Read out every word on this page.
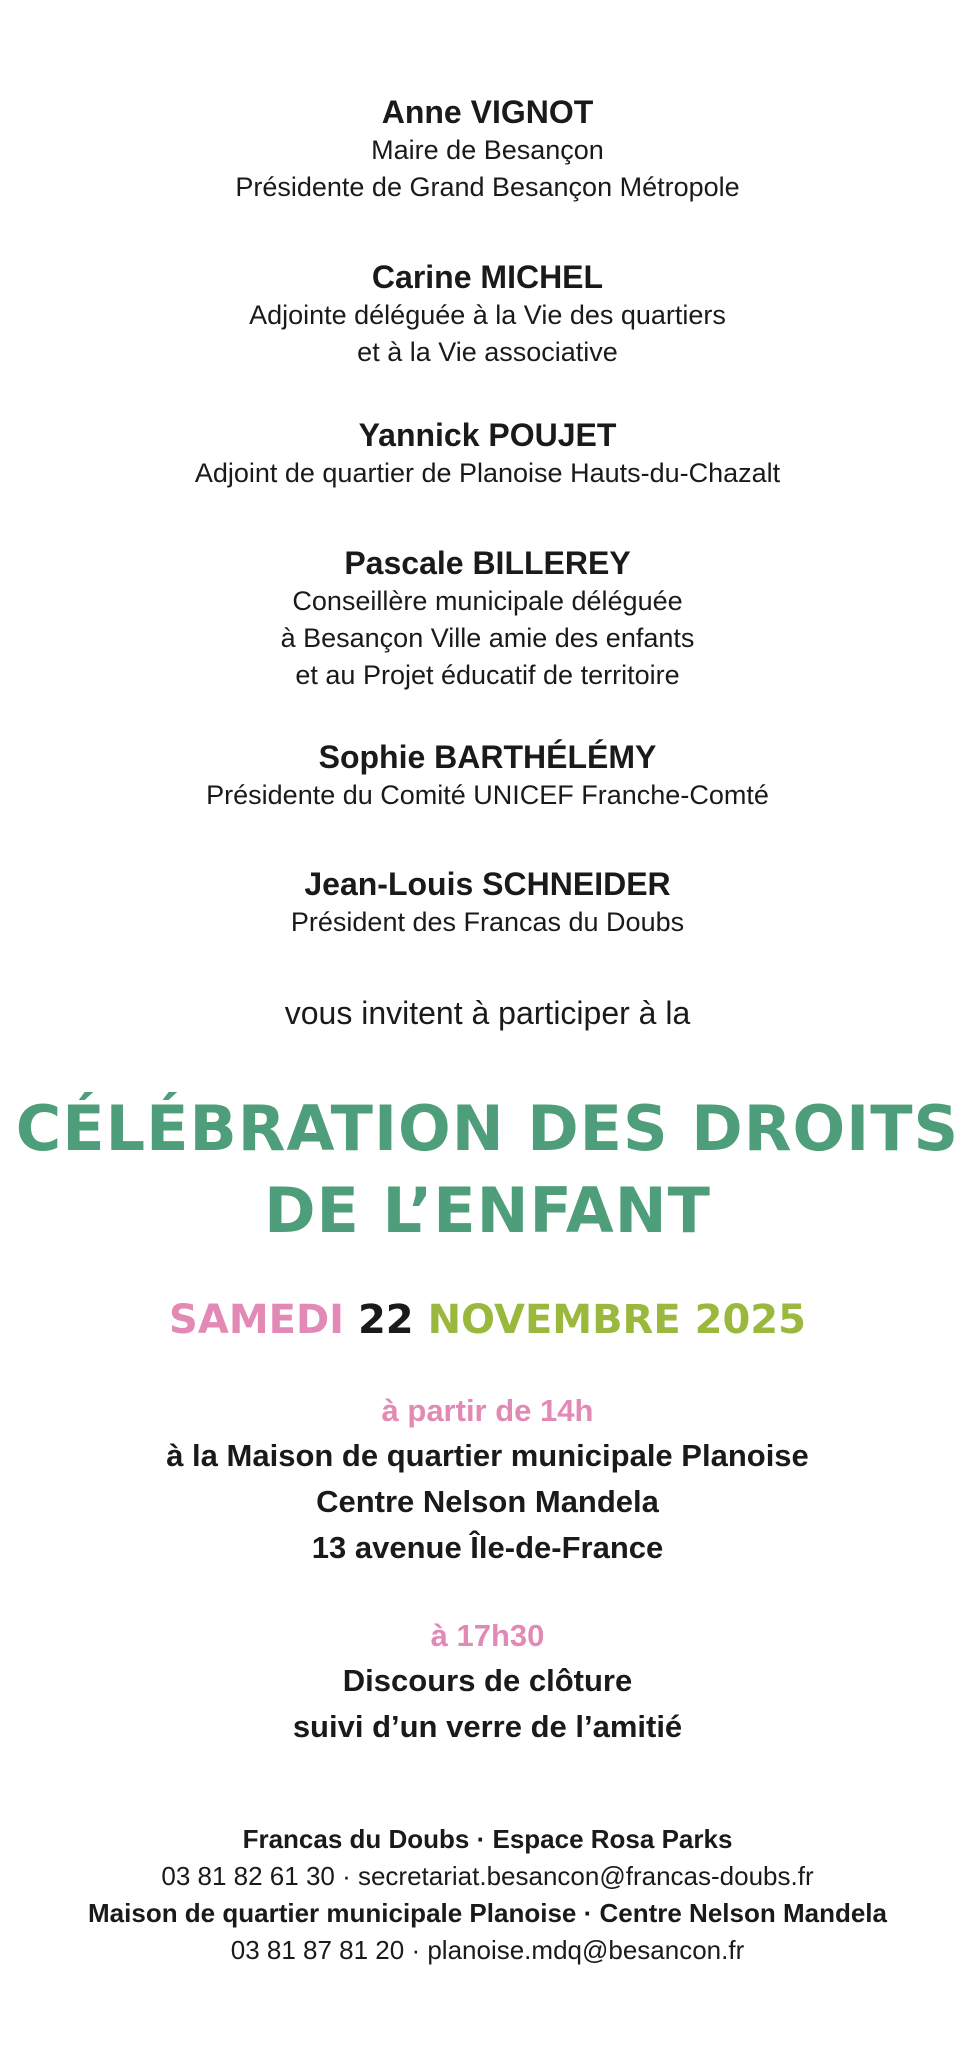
Anne VIGNOT
Maire de Besançon
Présidente de Grand Besançon Métropole
Carine MICHEL
Adjointe déléguée à la Vie des quartiers
et à la Vie associative
Yannick POUJET
Adjoint de quartier de Planoise Hauts-du-Chazalt
Pascale BILLEREY
Conseillère municipale déléguée
à Besançon Ville amie des enfants
et au Projet éducatif de territoire
Sophie BARTHÉLÉMY
Présidente du Comité UNICEF Franche-Comté
Jean-Louis SCHNEIDER
Président des Francas du Doubs
vous invitent à participer à la
CÉLÉBRATION DES DROITS
DE L’ENFANT
SAMEDI 22 NOVEMBRE 2025
à partir de 14h
à la Maison de quartier municipale Planoise
Centre Nelson Mandela
13 avenue Île-de-France
à 17h30
Discours de clôture
suivi d’un verre de l’amitié
Francas du Doubs · Espace Rosa Parks
03 81 82 61 30 · secretariat.besancon@francas-doubs.fr
Maison de quartier municipale Planoise · Centre Nelson Mandela
03 81 87 81 20 · planoise.mdq@besancon.fr
